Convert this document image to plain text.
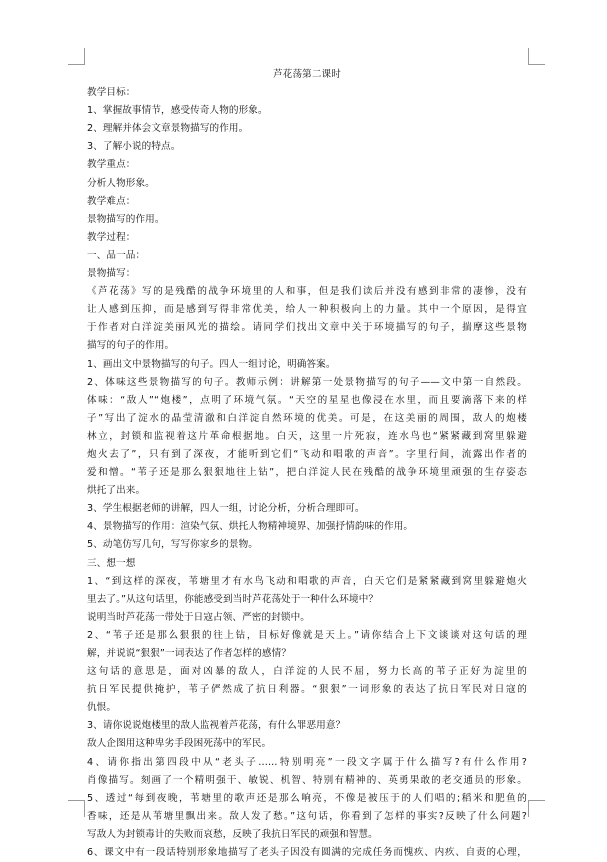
芦花荡第二课时
教学目标：
1、掌握故事情节，感受传奇人物的形象。
2、理解并体会文章景物描写的作用。
3、了解小说的特点。
教学重点：
分析人物形象。
教学难点：
景物描写的作用。
教学过程：
一、品一品：
景物描写：
《芦花荡》写的是残酷的战争环境里的人和事，但是我们读后并没有感到非常的凄惨，没有
让人感到压抑，而是感到写得非常优美，给人一种积极向上的力量。其中一个原因，是得宜
于作者对白洋淀美丽风光的描绘。请同学们找出文章中关于环境描写的句子，揣摩这些景物
描写的句子的作用。
1、画出文中景物描写的句子。四人一组讨论，明确答案。
2、体味这些景物描写的句子。教师示例：讲解第一处景物描写的句子——文中第一自然段。
体味：“敌人”“炮楼”，点明了环境气氛。“天空的星星也像浸在水里，而且要滴落下来的样
子”写出了淀水的晶莹清澈和白洋淀自然环境的优美。可是，在这美丽的周围，敌人的炮楼
林立，封锁和监视着这片革命根据地。白天，这里一片死寂，连水鸟也“紧紧藏到窝里躲避
炮火去了”，只有到了深夜，才能听到它们“飞动和唱歌的声音”。字里行间，流露出作者的
爱和憎。“苇子还是那么狠狠地往上钻”，把白洋淀人民在残酷的战争环境里顽强的生存姿态
烘托了出来。
3、学生根据老师的讲解，四人一组，讨论分析，分析合理即可。
4、景物描写的作用：渲染气氛、烘托人物精神境界、加强抒情韵味的作用。
5、动笔仿写几句，写写你家乡的景物。
三、想一想
1、“到这样的深夜，苇塘里才有水鸟飞动和唱歌的声音，白天它们是紧紧藏到窝里躲避炮火
里去了。”从这句话里，你能感受到当时芦花荡处于一种什么环境中？
说明当时芦花荡一带处于日寇占领、严密的封锁中。
2、“苇子还是那么狠狠的往上钻，目标好像就是天上。”请你结合上下文谈谈对这句话的理
解，并说说“狠狠”一词表达了作者怎样的感情？
这句话的意思是，面对凶暴的敌人，白洋淀的人民不屈，努力长高的苇子正好为淀里的
抗日军民提供掩护，苇子俨然成了抗日利器。“狠狠”一词形象的表达了抗日军民对日寇的
仇恨。
3、请你说说炮楼里的敌人监视着芦花荡，有什么罪恶用意？
敌人企图用这种卑劣手段困死荡中的军民。
4、请你指出第四段中从“老头子……特别明亮”一段文字属于什么描写?有什么作用?
肖像描写。刻画了一个精明强干、敏锐、机智、特别有精神的、英勇果敢的老交通员的形象。
5、透过“每到夜晚，苇塘里的歌声还是那么响亮，不像是被压于的人们唱的;稻米和肥鱼的
香味，还是从苇塘里飘出来。敌人发了愁。”这句话，你看到了怎样的事实?反映了什么问题?
写敌人为封锁毒计的失败而哀愁，反映了我抗日军民的顽强和智慧。
6、课文中有一段话特别形象地描写了老头子因没有圆满的完成任务而愧疚、内疚、自责的心理，
